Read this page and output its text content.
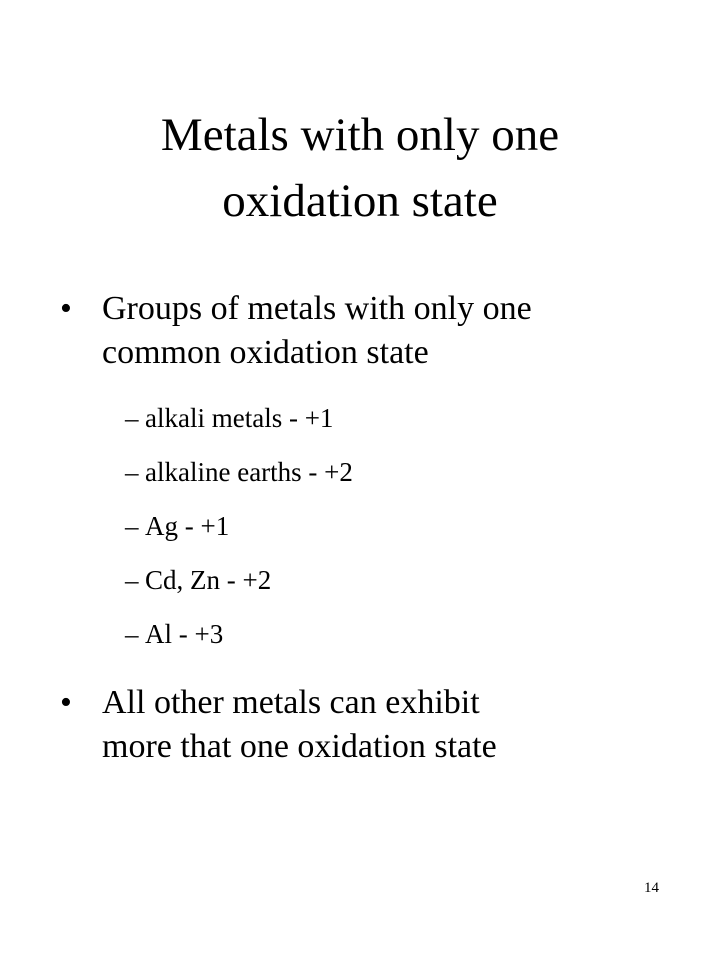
Metals with only one
oxidation state
• Groups of metals with only one
common oxidation state
– alkali metals - +1
– alkaline earths - +2
– Ag - +1
– Cd, Zn - +2
– Al - +3
• All other metals can exhibit
more that one oxidation state
14
